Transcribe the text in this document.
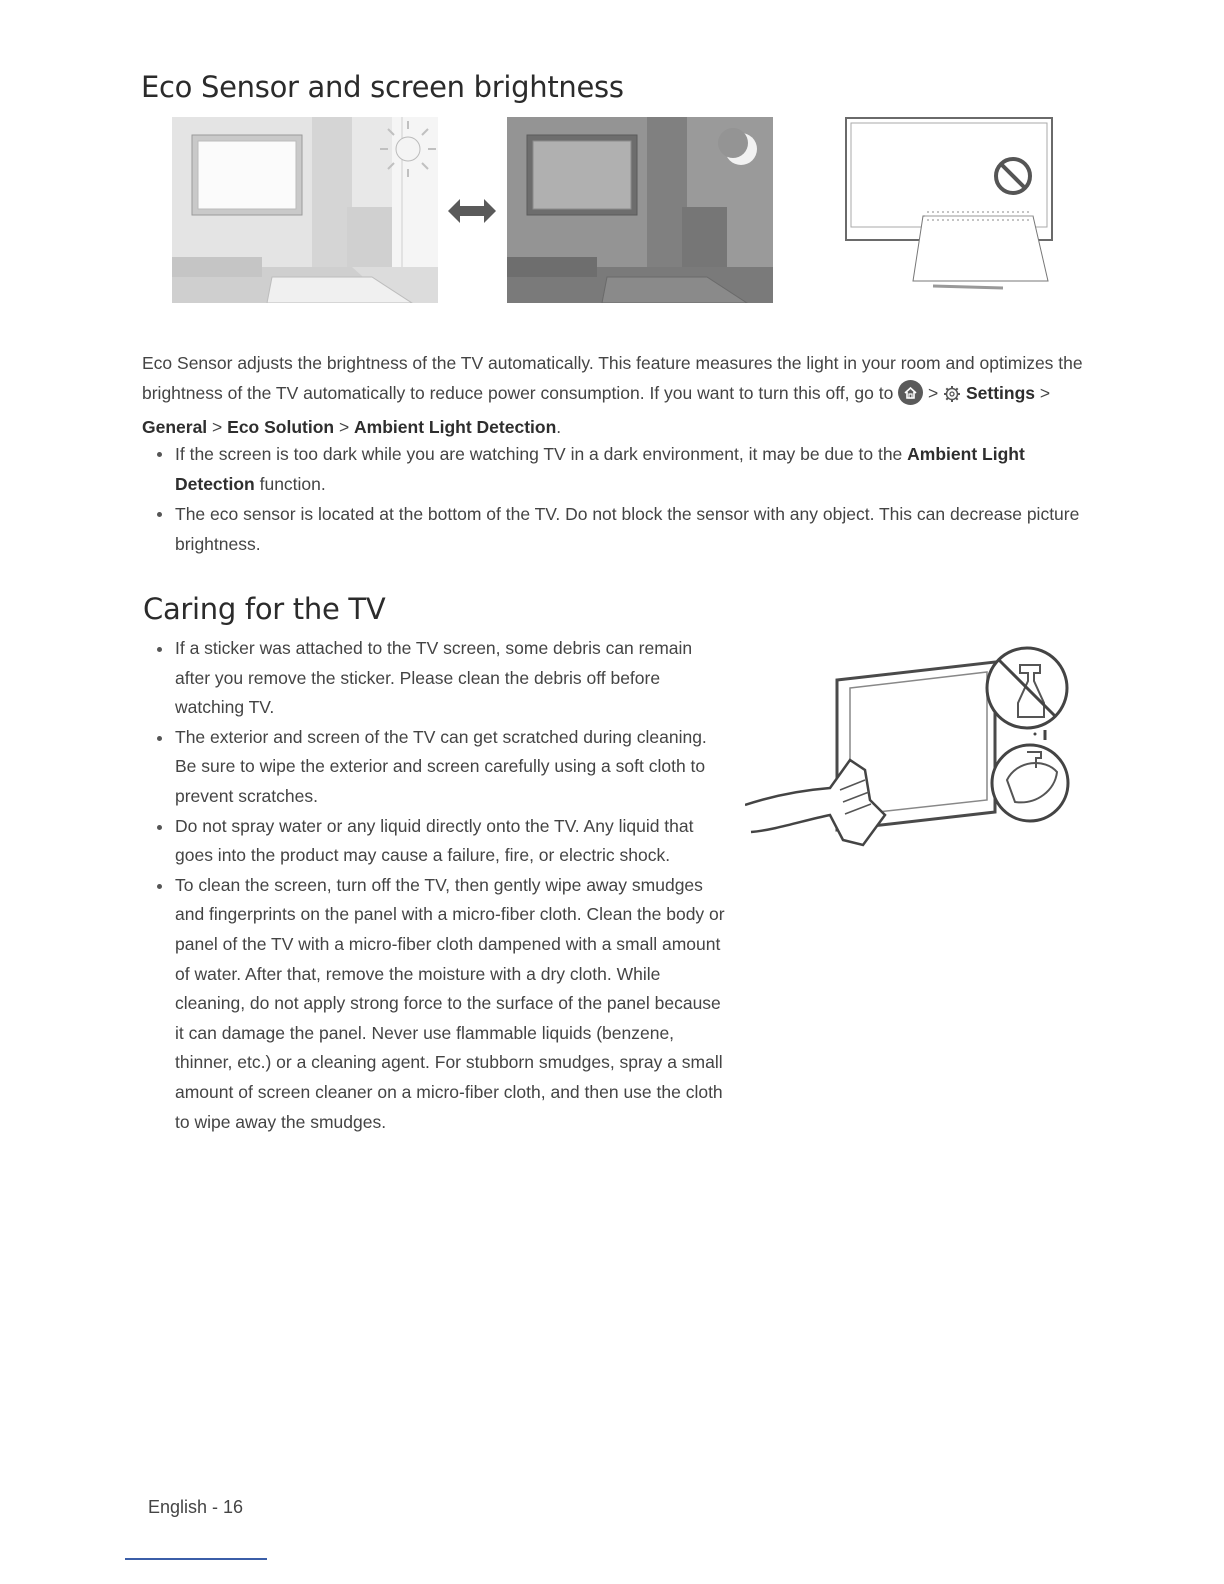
Eco Sensor and screen brightness

Eco Sensor adjusts the brightness of the TV automatically. This feature measures the light in your room and optimizes the brightness of the TV automatically to reduce power consumption. If you want to turn this off, go to
>  Settings > General > Eco Solution > Ambient Light Detection.

If the screen is too dark while you are watching TV in a dark environment, it may be due to the Ambient Light Detection function.
The eco sensor is located at the bottom of the TV. Do not block the sensor with any object. This can decrease picture brightness.
Caring for the TV
If a sticker was attached to the TV screen, some debris can remain after you remove the sticker. Please clean the debris off before watching TV.
The exterior and screen of the TV can get scratched during cleaning. Be sure to wipe the exterior and screen carefully using a soft cloth to prevent scratches.
Do not spray water or any liquid directly onto the TV. Any liquid that goes into the product may cause a failure, fire, or electric shock.
To clean the screen, turn off the TV, then gently wipe away smudges and fingerprints on the panel with a micro-fiber cloth. Clean the body or panel of the TV with a micro-fiber cloth dampened with a small amount of water. After that, remove the moisture with a dry cloth. While cleaning, do not apply strong force to the surface of the panel because it can damage the panel. Never use flammable liquids (benzene, thinner, etc.) or a cleaning agent. For stubborn smudges, spray a small amount of screen cleaner on a micro-fiber cloth, and then use the cloth to wipe away the smudges.

English - 16
